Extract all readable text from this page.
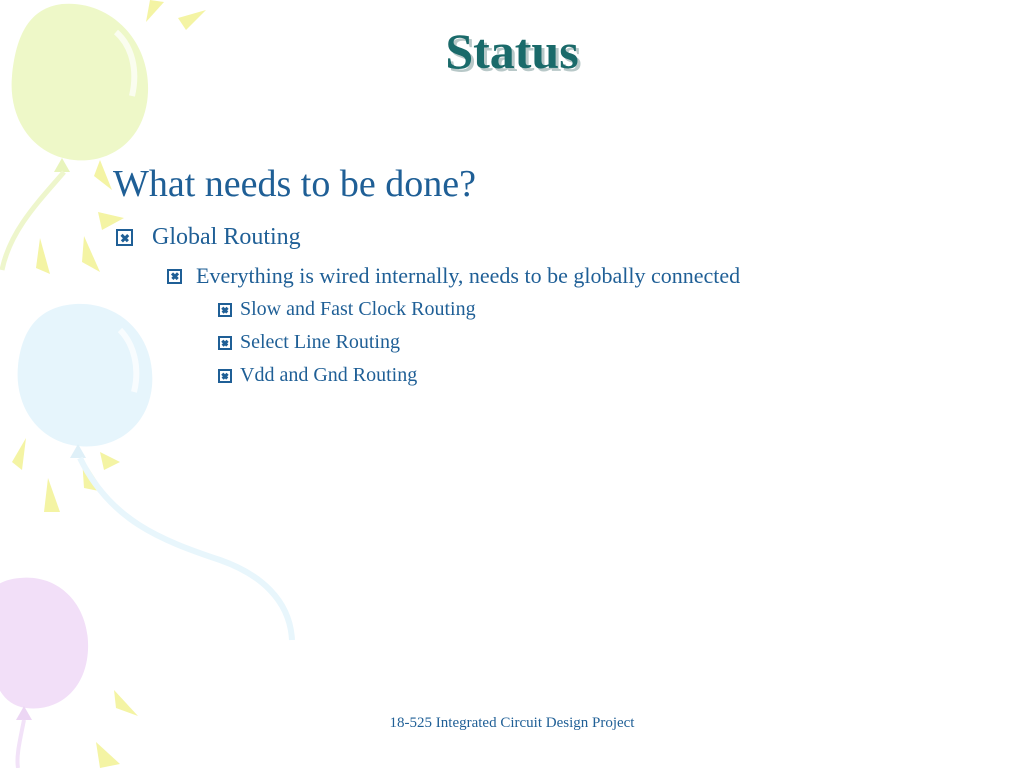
Status
What needs to be done?
Global Routing
Everything is wired internally, needs to be globally connected
Slow and Fast Clock Routing
Select Line Routing
Vdd and Gnd Routing
18-525 Integrated Circuit Design Project
